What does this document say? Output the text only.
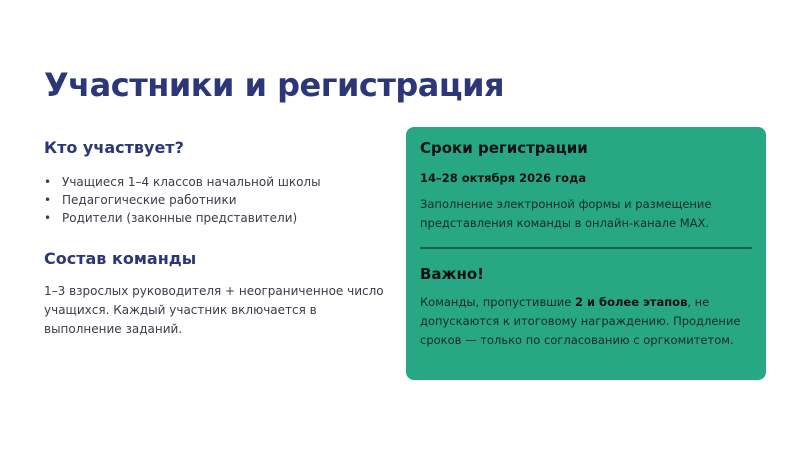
Участники и регистрация
Кто участвует?
• Учащиеся 1–4 классов начальной школы
• Педагогические работники
• Родители (законные представители)
Состав команды

1–3 взрослых руководителя + неограниченное число учащихся. Каждый участник включается в выполнение заданий.

Сроки регистрации

14–28 октября 2026 года

Заполнение электронной формы и размещение представления команды в онлайн-канале MAX.

Важно!

Команды, пропустившие 2 и более этапов, не допускаются к итоговому награждению. Продление сроков — только по согласованию с оргкомитетом.
